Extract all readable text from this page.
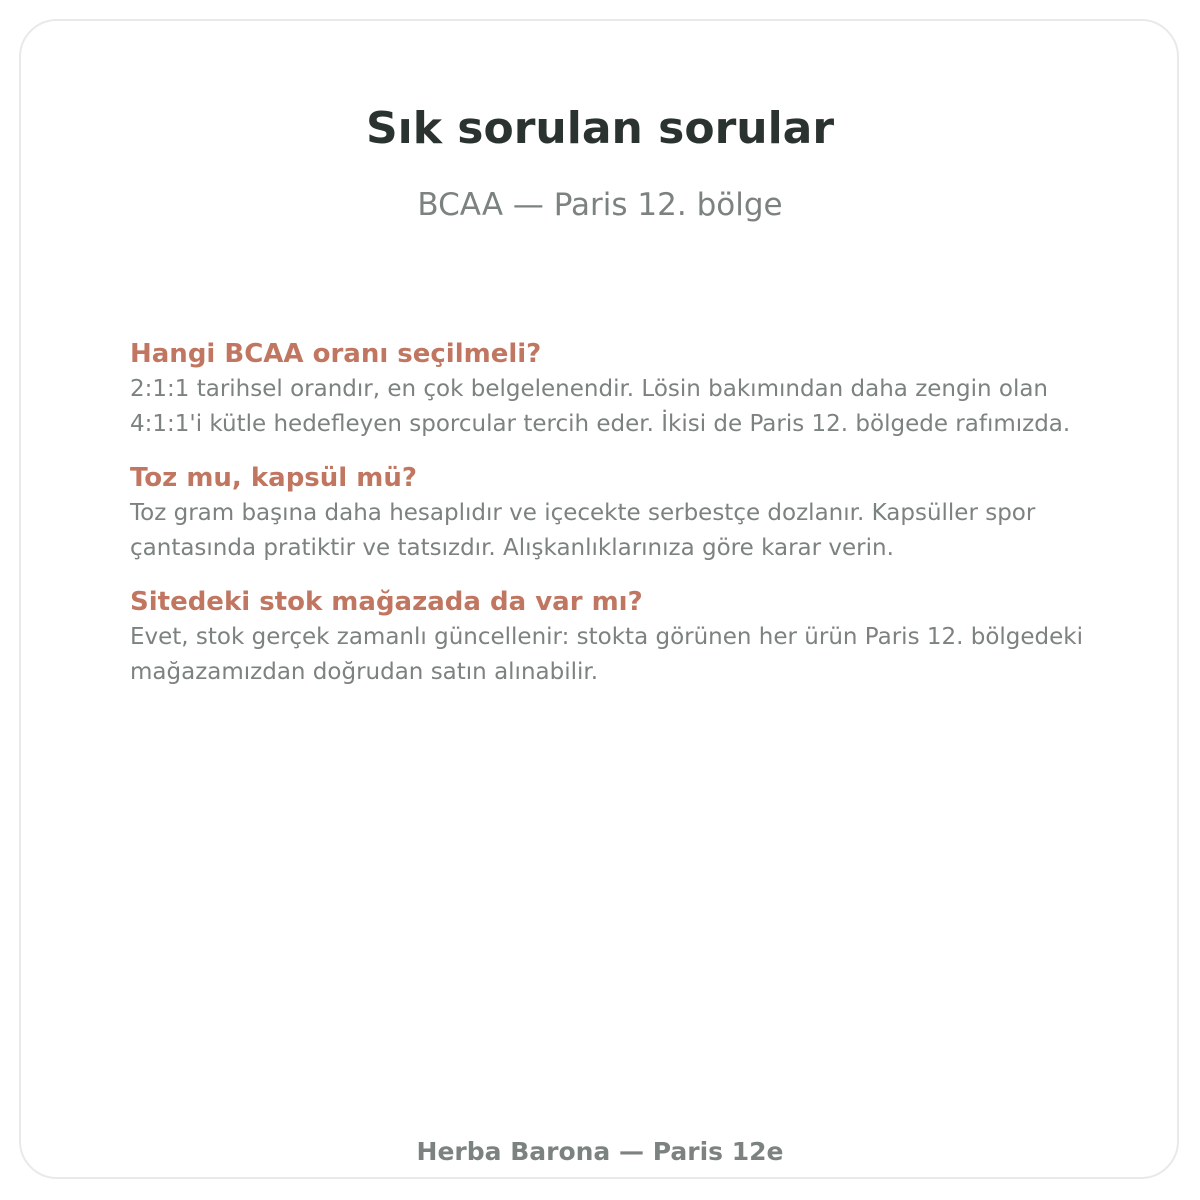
Sık sorulan sorular

BCAA — Paris 12. bölge

Hangi BCAA oranı seçilmeli?

2:1:1 tarihsel orandır, en çok belgelenendir. Lösin bakımından daha zengin olan 4:1:1'i kütle hedefleyen sporcular tercih eder. İkisi de Paris 12. bölgede rafımızda.

Toz mu, kapsül mü?

Toz gram başına daha hesaplıdır ve içecekte serbestçe dozlanır. Kapsüller spor çantasında pratiktir ve tatsızdır. Alışkanlıklarınıza göre karar verin.

Sitedeki stok mağazada da var mı?

Evet, stok gerçek zamanlı güncellenir: stokta görünen her ürün Paris 12. bölgedeki mağazamızdan doğrudan satın alınabilir.

Herba Barona — Paris 12e
